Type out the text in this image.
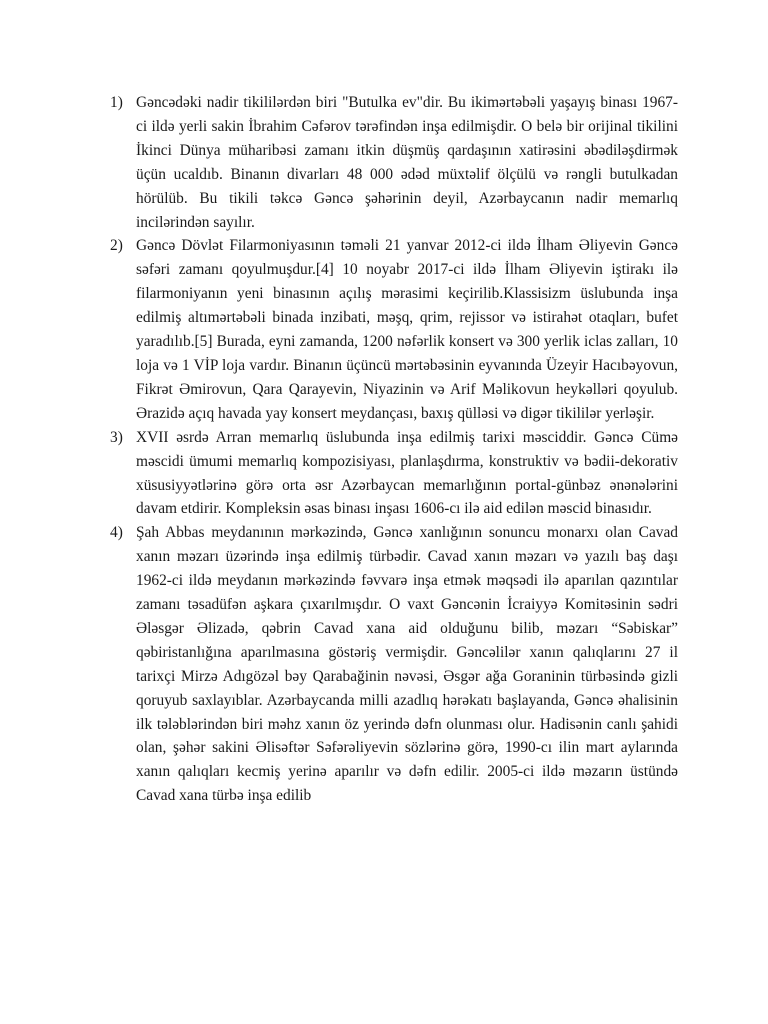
1) Gəncədəki nadir tikililərdən biri "Butulka ev"dir. Bu ikimərtəbəli yaşayış binası 1967-ci ildə yerli sakin İbrahim Cəfərov tərəfindən inşa edilmişdir. O belə bir orijinal tikilini İkinci Dünya müharibəsi zamanı itkin düşmüş qardaşının xatirəsini əbədiləşdirmək üçün ucaldıb. Binanın divarları 48 000 ədəd müxtəlif ölçülü və rəngli butulkadan hörülüb. Bu tikili təkcə Gəncə şəhərinin deyil, Azərbaycanın nadir memarlıq incilərindən sayılır.
2) Gəncə Dövlət Filarmoniyasının təməli 21 yanvar 2012-ci ildə İlham Əliyevin Gəncə səfəri zamanı qoyulmuşdur.[4] 10 noyabr 2017-ci ildə İlham Əliyevin iştirakı ilə filarmoniyanın yeni binasının açılış mərasimi keçirilib.Klassisizm üslubunda inşa edilmiş altımərtəbəli binada inzibati, məşq, qrim, rejissor və istirahət otaqları, bufet yaradılıb.[5] Burada, eyni zamanda, 1200 nəfərlik konsert və 300 yerlik iclas zalları, 10 loja və 1 VİP loja vardır. Binanın üçüncü mərtəbəsinin eyvanında Üzeyir Hacıbəyovun, Fikrət Əmirovun, Qara Qarayevin, Niyazinin və Arif Məlikovun heykəlləri qoyulub. Ərazidə açıq havada yay konsert meydançası, baxış qülləsi və digər tikililər yerləşir.
3) XVII əsrdə Arran memarlıq üslubunda inşa edilmiş tarixi məsciddir. Gəncə Cümə məscidi ümumi memarlıq kompozisiyası, planlaşdırma, konstruktiv və bədii-dekorativ xüsusiyyətlərinə görə orta əsr Azərbaycan memarlığının portal-günbəz ənənələrini davam etdirir. Kompleksin əsas binası inşası 1606-cı ilə aid edilən məscid binasıdır.
4) Şah Abbas meydanının mərkəzində, Gəncə xanlığının sonuncu monarxı olan Cavad xanın məzarı üzərində inşa edilmiş türbədir. Cavad xanın məzarı və yazılı baş daşı 1962-ci ildə meydanın mərkəzində fəvvarə inşa etmək məqsədi ilə aparılan qazıntılar zamanı təsadüfən aşkara çıxarılmışdır. O vaxt Gəncənin İcraiyyə Komitəsinin sədri Ələsgər Əlizadə, qəbrin Cavad xana aid olduğunu bilib, məzarı “Səbiskar” qəbiristanlığına aparılmasına göstəriş vermişdir. Gəncəlilər xanın qalıqlarını 27 il tarixçi Mirzə Adıgözəl bəy Qarabağinin nəvəsi, Əsgər ağa Goraninin türbəsində gizli qoruyub saxlayıblar. Azərbaycanda milli azadlıq hərəkatı başlayanda, Gəncə əhalisinin ilk tələblərindən biri məhz xanın öz yerində dəfn olunması olur. Hadisənin canlı şahidi olan, şəhər sakini Əlisəftər Səfərəliyevin sözlərinə görə, 1990-cı ilin mart aylarında xanın qalıqları kecmiş yerinə aparılır və dəfn edilir. 2005-ci ildə məzarın üstündə Cavad xana türbə inşa edilib
